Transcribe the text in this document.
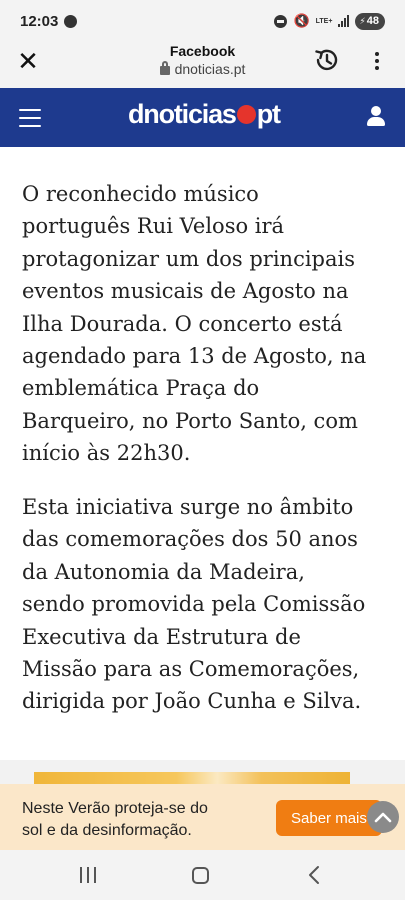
12:03	🔇 LTE+	⚡ 48
✕	Facebook
dnoticias.pt
dnoticias pt

O reconhecido músico

português Rui Veloso irá

protagonizar um dos principais

eventos musicais de Agosto na

Ilha Dourada. O concerto está

agendado para 13 de Agosto, na

emblemática Praça do

Barqueiro, no Porto Santo, com

início às 22h30.

Esta iniciativa surge no âmbito

das comemorações dos 50 anos

da Autonomia da Madeira,

sendo promovida pela Comissão

Executiva da Estrutura de

Missão para as Comemorações,

dirigida por João Cunha e Silva.

Neste Verão proteja-se do
sol e da desinformação.
Saber mais
